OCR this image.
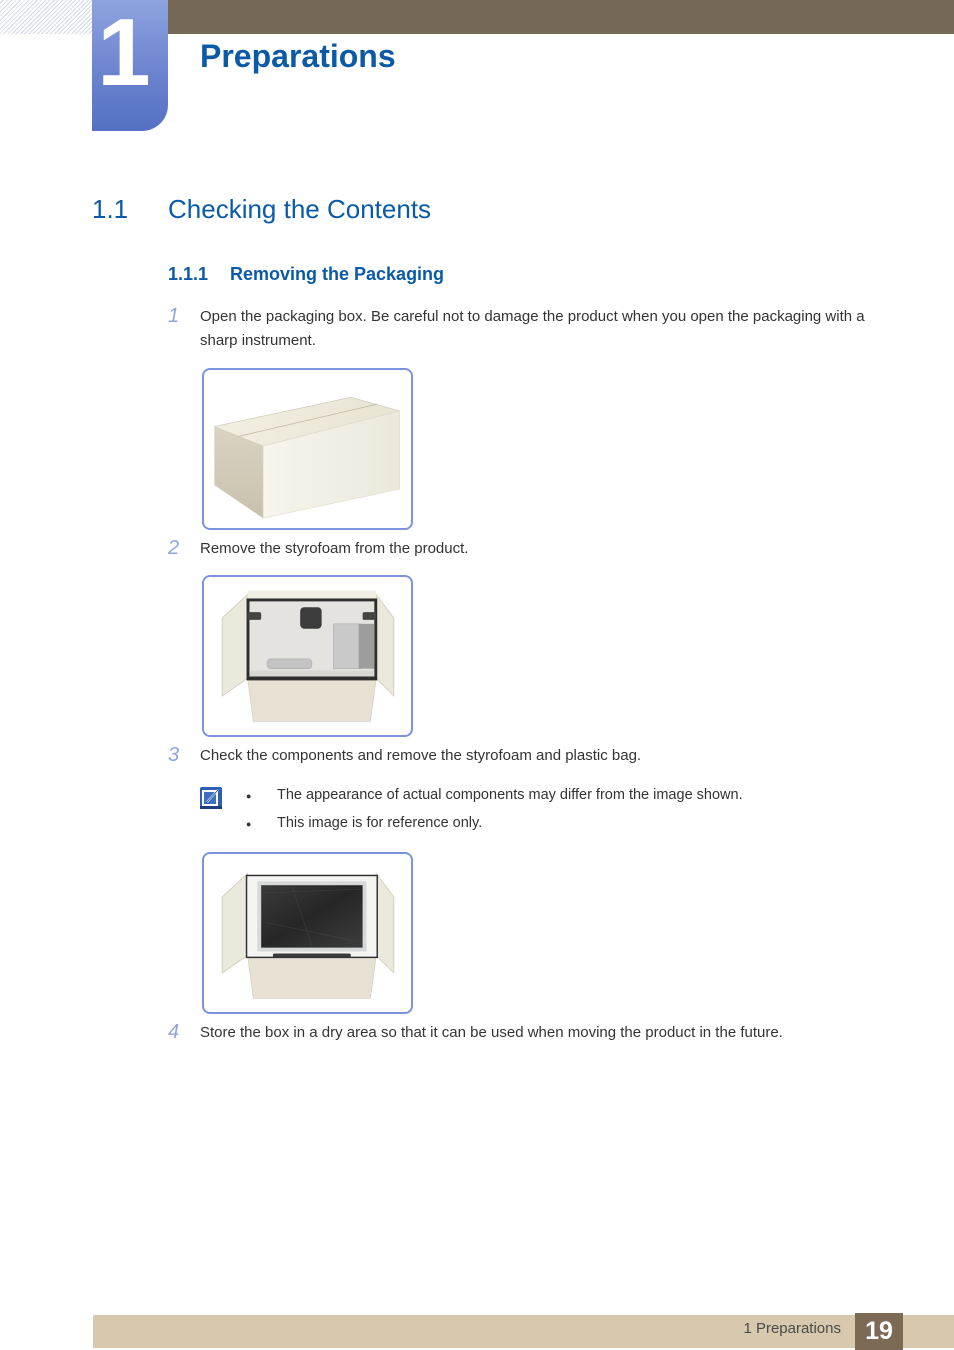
1 Preparations
1.1 Checking the Contents
1.1.1 Removing the Packaging
1	Open the packaging box. Be careful not to damage the product when you open the packaging with a sharp instrument.

2	Remove the styrofoam from the product.

3	Check the components and remove the styrofoam and plastic bag.

● The appearance of actual components may differ from the image shown.

● This image is for reference only.

4	Store the box in a dry area so that it can be used when moving the product in the future.

1 Preparations 19
